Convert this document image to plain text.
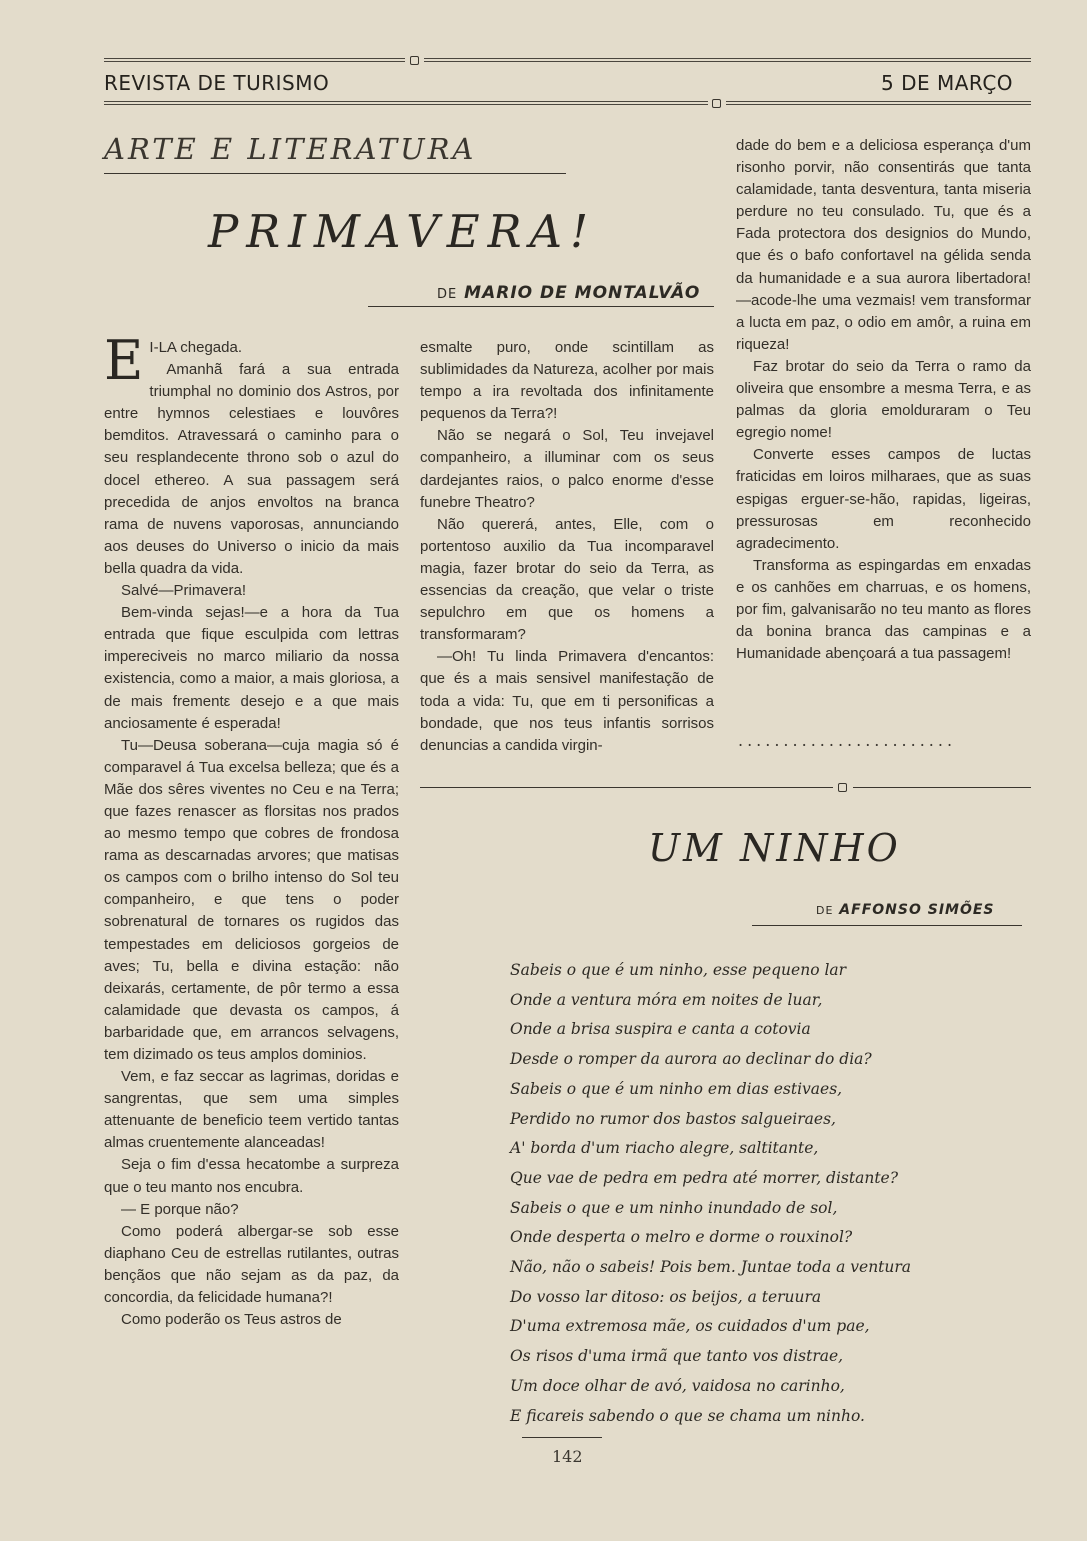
REVISTA DE TURISMO	5 DE MARÇO
ARTE E LITERATURA
PRIMAVERA!
DE MARIO DE MONTALVÃO
E I-LA chegada.

Amanhã fará a sua entrada triumphal no dominio dos Astros, por entre hymnos celestiaes e louvôres bemditos. Atravessará o caminho para o seu resplandecente throno sob o azul do docel ethereo. A sua passagem será precedida de anjos envoltos na branca rama de nuvens vaporosas, annunciando aos deuses do Universo o inicio da mais bella quadra da vida.

Salvé—Primavera!

Bem-vinda sejas!—e a hora da Tua entrada que fique esculpida com lettras impereciveis no marco miliario da nossa existencia, como a maior, a mais gloriosa, a de mais frementε desejo e a que mais anciosamente é esperada!

Tu—Deusa soberana—cuja magia só é comparavel á Tua excelsa belleza; que és a Mãe dos sêres viventes no Ceu e na Terra; que fazes renascer as florsitas nos prados ao mesmo tempo que cobres de frondosa rama as descarnadas arvores; que matisas os campos com o brilho intenso do Sol teu companheiro, e que tens o poder sobrenatural de tornares os rugidos das tempestades em deliciosos gorgeios de aves; Tu, bella e divina estação: não deixarás, certamente, de pôr termo a essa calamidade que devasta os campos, á barbaridade que, em arrancos selvagens, tem dizimado os teus amplos dominios.

Vem, e faz seccar as lagrimas, doridas e sangrentas, que sem uma simples attenuante de beneficio teem vertido tantas almas cruentemente alanceadas!

Seja o fim d'essa hecatombe a surpreza que o teu manto nos encubra.

— E porque não?

Como poderá albergar-se sob esse diaphano Ceu de estrellas rutilantes, outras bençãos que não sejam as da paz, da concordia, da felicidade humana?!

Como poderão os Teus astros de

esmalte puro, onde scintillam as sublimidades da Natureza, acolher por mais tempo a ira revoltada dos infinitamente pequenos da Terra?!

Não se negará o Sol, Teu invejavel companheiro, a illuminar com os seus dardejantes raios, o palco enorme d'esse funebre Theatro?

Não quererá, antes, Elle, com o portentoso auxilio da Tua incomparavel magia, fazer brotar do seio da Terra, as essencias da creação, que velar o triste sepulchro em que os homens a transformaram?

—Oh! Tu linda Primavera d'encantos: que és a mais sensivel manifestação de toda a vida: Tu, que em ti personificas a bondade, que nos teus infantis sorrisos denuncias a candida virgin-

dade do bem e a deliciosa esperança d'um risonho porvir, não consentirás que tanta calamidade, tanta desventura, tanta miseria perdure no teu consulado. Tu, que és a Fada protectora dos designios do Mundo, que és o bafo confortavel na gélida senda da humanidade e a sua aurora libertadora! —acode-lhe uma vezmais! vem transformar a lucta em paz, o odio em amôr, a ruina em riqueza!

Faz brotar do seio da Terra o ramo da oliveira que ensombre a mesma Terra, e as palmas da gloria emolduraram o Teu egregio nome!

Converte esses campos de luctas fraticidas em loiros milharaes, que as suas espigas erguer-se-hão, rapidas, ligeiras, pressurosas em reconhecido agradecimento.

Transforma as espingardas em enxadas e os canhões em charruas, e os homens, por fim, galvanisarão no teu manto as flores da bonina branca das campinas e a Humanidade abençoará a tua passagem!

........................
UM NINHO
DE AFFONSO SIMÕES
Sabeis o que é um ninho, esse pequeno lar
Onde a ventura móra em noites de luar,
Onde a brisa suspira e canta a cotovia
Desde o romper da aurora ao declinar do dia?
Sabeis o que é um ninho em dias estivaes,
Perdido no rumor dos bastos salgueiraes,
A' borda d'um riacho alegre, saltitante,
Que vae de pedra em pedra até morrer, distante?
Sabeis o que e um ninho inundado de sol,
Onde desperta o melro e dorme o rouxinol?
Não, não o sabeis! Pois bem. Juntae toda a ventura
Do vosso lar ditoso: os beijos, a teruura
D'uma extremosa mãe, os cuidados d'um pae,
Os risos d'uma irmã que tanto vos distrae,
Um doce olhar de avó, vaidosa no carinho,
E ficareis sabendo o que se chama um ninho.
142
